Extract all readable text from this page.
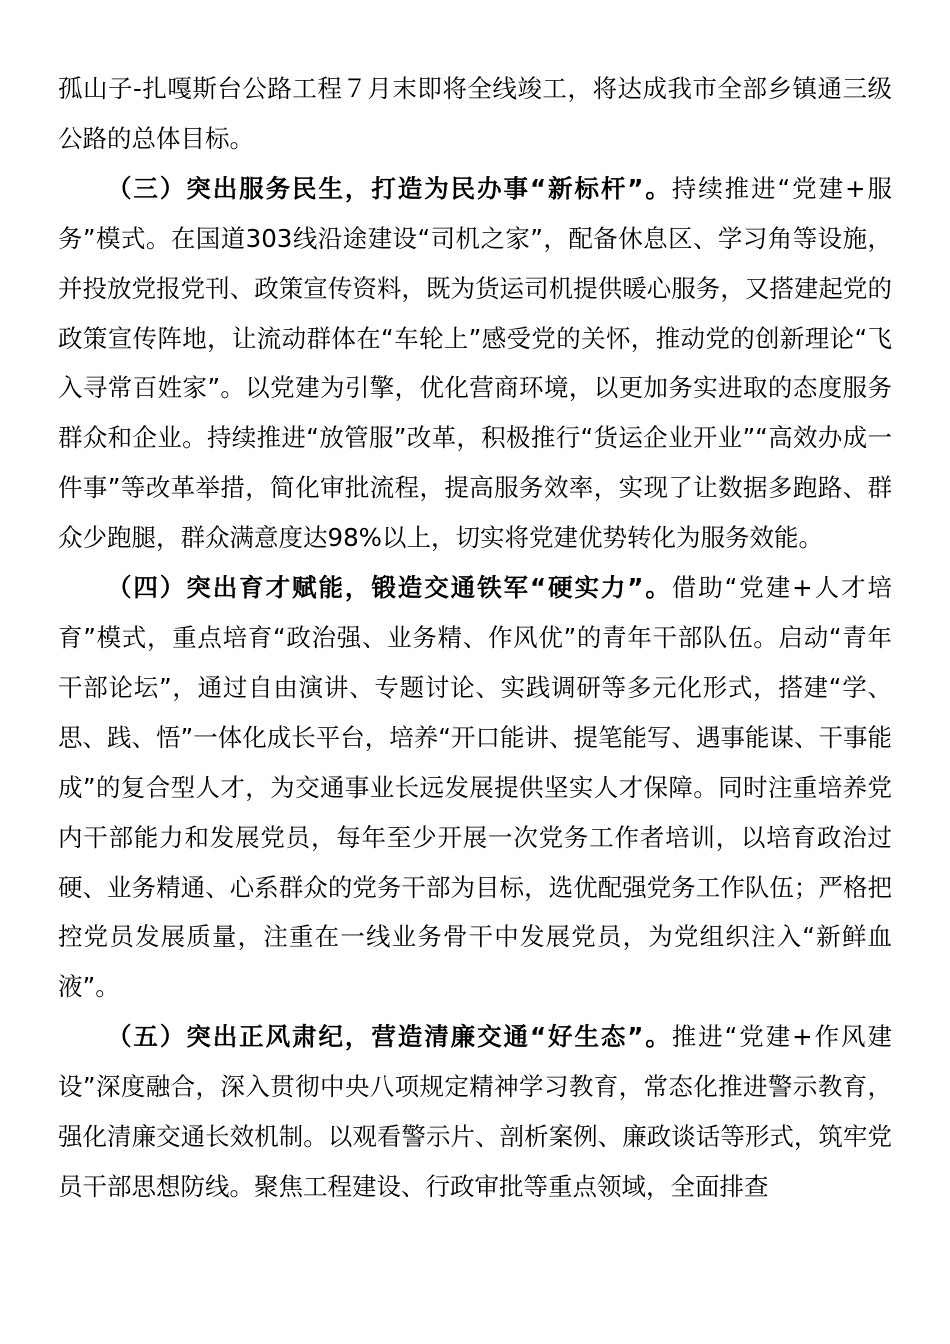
孤山子-扎嘎斯台公路工程７月末即将全线竣工，将达成我市全部乡镇通三级公路的总体目标。

（三）突出服务民生，打造为民办事“新标杆”。持续推进“党建+服务”模式。在国道303线沿途建设“司机之家”，配备休息区、学习角等设施，并投放党报党刊、政策宣传资料，既为货运司机提供暖心服务，又搭建起党的政策宣传阵地，让流动群体在“车轮上”感受党的关怀，推动党的创新理论“飞入寻常百姓家”。以党建为引擎，优化营商环境，以更加务实进取的态度服务群众和企业。持续推进“放管服”改革，积极推行“货运企业开业”“高效办成一件事”等改革举措，简化审批流程，提高服务效率，实现了让数据多跑路、群众少跑腿，群众满意度达98%以上，切实将党建优势转化为服务效能。

（四）突出育才赋能，锻造交通铁军“硬实力”。借助“党建+人才培育”模式，重点培育“政治强、业务精、作风优”的青年干部队伍。启动“青年干部论坛”，通过自由演讲、专题讨论、实践调研等多元化形式，搭建“学、思、践、悟”一体化成长平台，培养“开口能讲、提笔能写、遇事能谋、干事能成”的复合型人才，为交通事业长远发展提供坚实人才保障。同时注重培养党内干部能力和发展党员，每年至少开展一次党务工作者培训，以培育政治过硬、业务精通、心系群众的党务干部为目标，选优配强党务工作队伍；严格把控党员发展质量，注重在一线业务骨干中发展党员，为党组织注入“新鲜血液”。

（五）突出正风肃纪，营造清廉交通“好生态”。推进“党建+作风建设”深度融合，深入贯彻中央八项规定精神学习教育，常态化推进警示教育，强化清廉交通长效机制。以观看警示片、剖析案例、廉政谈话等形式，筑牢党员干部思想防线。聚焦工程建设、行政审批等重点领域，全面排查
